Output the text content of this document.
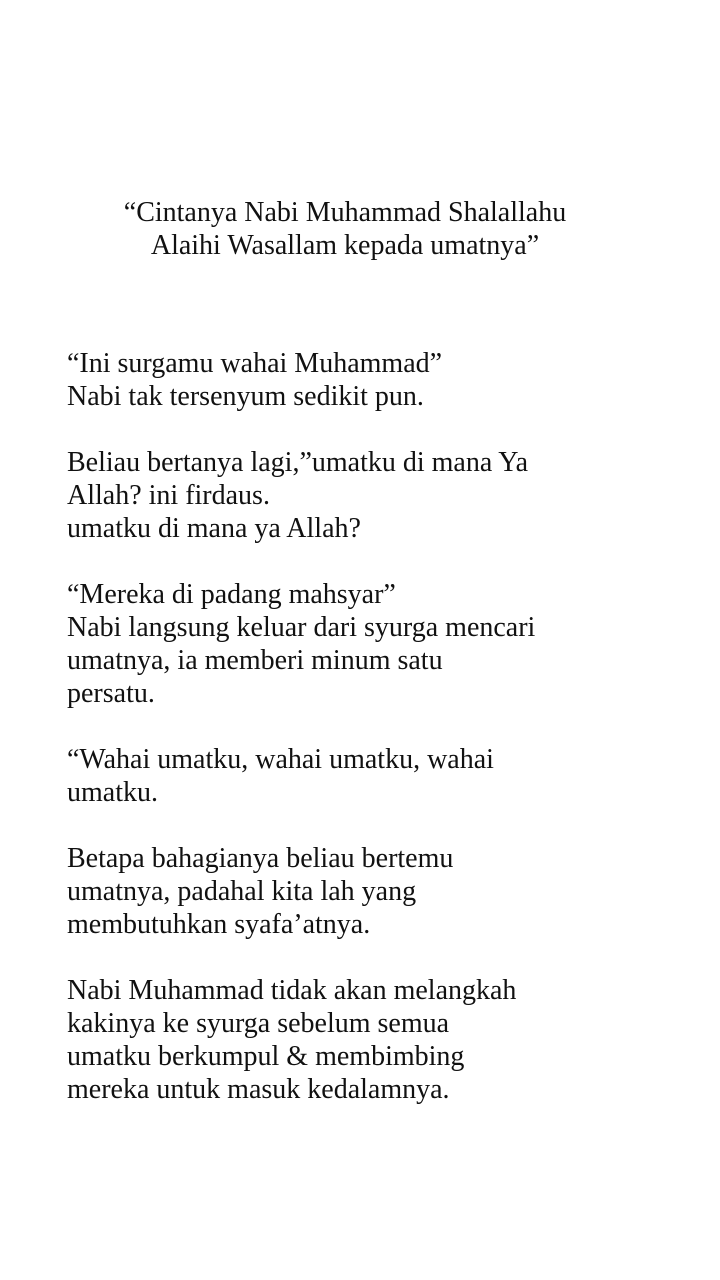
“Cintanya Nabi Muhammad Shalallahu
Alaihi Wasallam kepada umatnya”
“Ini surgamu wahai Muhammad”
Nabi tak tersenyum sedikit pun.
Beliau bertanya lagi,”umatku di mana Ya
Allah? ini firdaus.
umatku di mana ya Allah?
“Mereka di padang mahsyar”
Nabi langsung keluar dari syurga mencari
umatnya, ia memberi minum satu
persatu.
“Wahai umatku, wahai umatku, wahai
umatku.
Betapa bahagianya beliau bertemu
umatnya, padahal kita lah yang
membutuhkan syafa’atnya.
Nabi Muhammad tidak akan melangkah
kakinya ke syurga sebelum semua
umatku berkumpul & membimbing
mereka untuk masuk kedalamnya.
